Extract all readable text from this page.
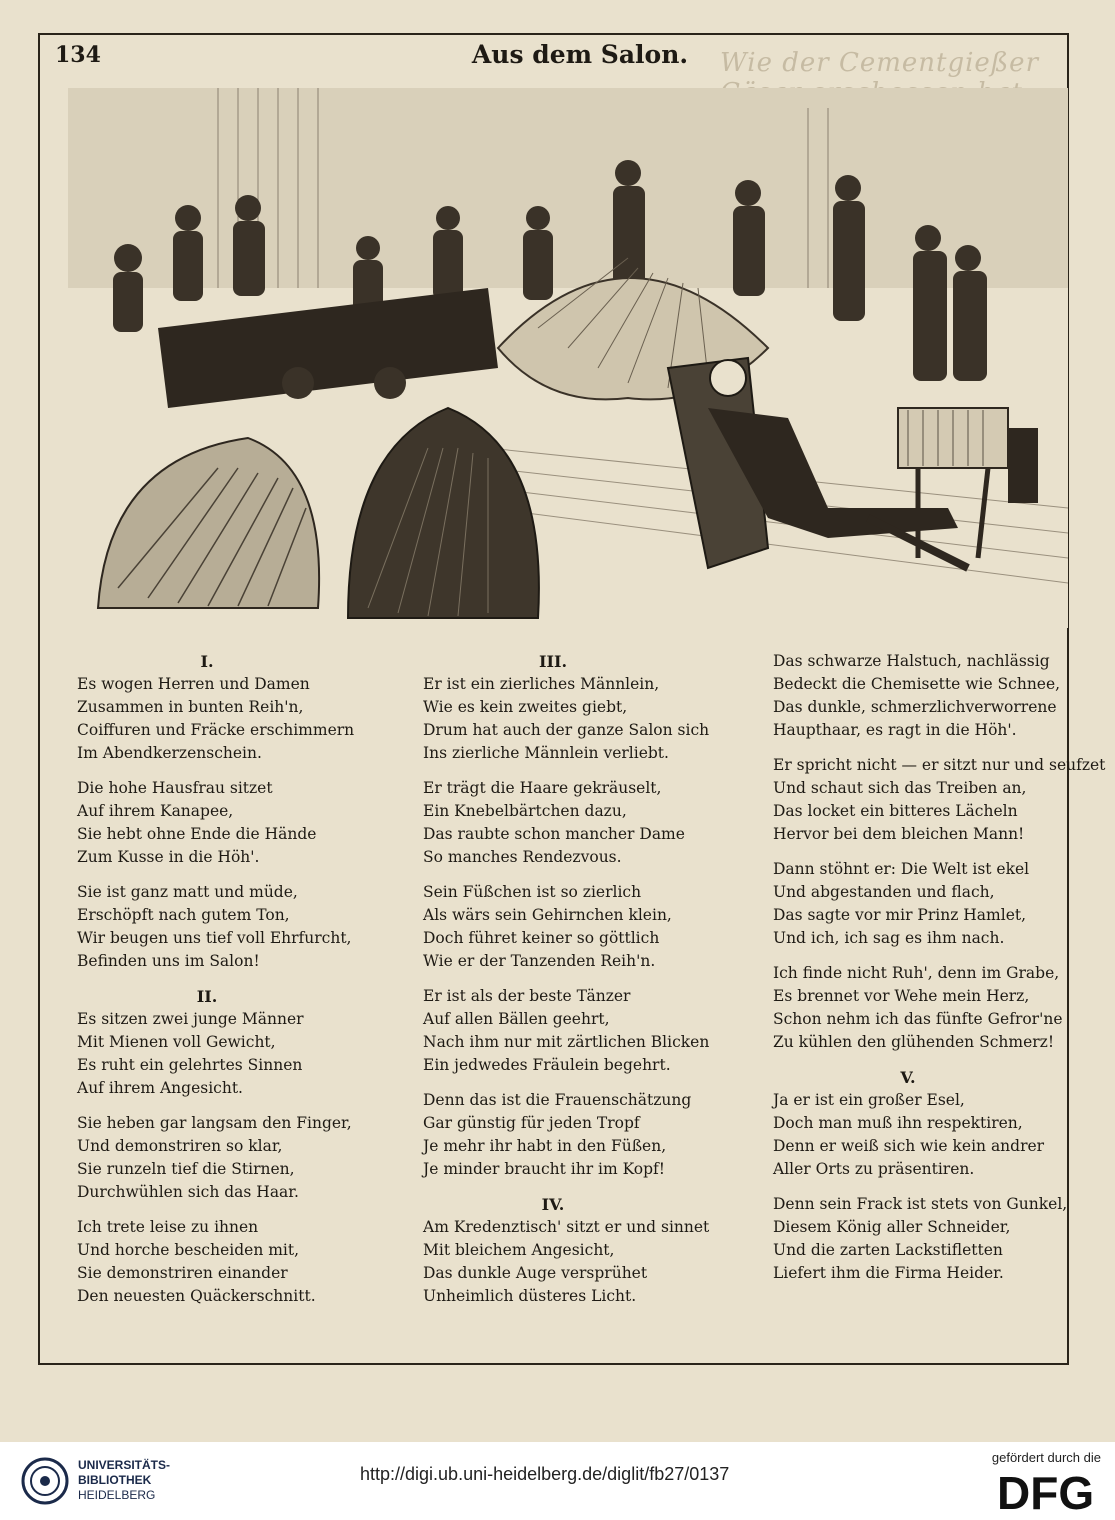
Wie der Cementgießer
134	Aus dem Salon.
I.
Es wogen Herren und Damen
Zusammen in bunten Reih'n,
Coiffuren und Fräcke erschimmern
Im Abendkerzenschein.
Die hohe Hausfrau sitzet
Auf ihrem Kanapee,
Sie hebt ohne Ende die Hände
Zum Kusse in die Höh'.
Sie ist ganz matt und müde,
Erschöpft nach gutem Ton,
Wir beugen uns tief voll Ehrfurcht,
Befinden uns im Salon!
II.
Es sitzen zwei junge Männer
Mit Mienen voll Gewicht,
Es ruht ein gelehrtes Sinnen
Auf ihrem Angesicht.
Sie heben gar langsam den Finger,
Und demonstriren so klar,
Sie runzeln tief die Stirnen,
Durchwühlen sich das Haar.
Ich trete leise zu ihnen
Und horche bescheiden mit,
Sie demonstriren einander
Den neuesten Quäckerschnitt.
III.
Er ist ein zierliches Männlein,
Wie es kein zweites giebt,
Drum hat auch der ganze Salon sich
Ins zierliche Männlein verliebt.
Er trägt die Haare gekräuselt,
Ein Knebelbärtchen dazu,
Das raubte schon mancher Dame
So manches Rendezvous.
Sein Füßchen ist so zierlich
Als wärs sein Gehirnchen klein,
Doch führet keiner so göttlich
Wie er der Tanzenden Reih'n.
Er ist als der beste Tänzer
Auf allen Bällen geehrt,
Nach ihm nur mit zärtlichen Blicken
Ein jedwedes Fräulein begehrt.
Denn das ist die Frauenschätzung
Gar günstig für jeden Tropf
Je mehr ihr habt in den Füßen,
Je minder braucht ihr im Kopf!
IV.
Am Kredenztisch' sitzt er und sinnet
Mit bleichem Angesicht,
Das dunkle Auge versprühet
Unheimlich düsteres Licht.
Das schwarze Halstuch, nachlässig
Bedeckt die Chemisette wie Schnee,
Das dunkle, schmerzlichverworrene
Haupthaar, es ragt in die Höh'.
Er spricht nicht — er sitzt nur und seufzet
Und schaut sich das Treiben an,
Das locket ein bitteres Lächeln
Hervor bei dem bleichen Mann!
Dann stöhnt er: Die Welt ist ekel
Und abgestanden und flach,
Das sagte vor mir Prinz Hamlet,
Und ich, ich sag es ihm nach.
Ich finde nicht Ruh', denn im Grabe,
Es brennet vor Wehe mein Herz,
Schon nehm ich das fünfte Gefror'ne
Zu kühlen den glühenden Schmerz!
V.
Ja er ist ein großer Esel,
Doch man muß ihn respektiren,
Denn er weiß sich wie kein andrer
Aller Orts zu präsentiren.
Denn sein Frack ist stets von Gunkel,
Diesem König aller Schneider,
Und die zarten Lackstifletten
Liefert ihm die Firma Heider.
UNIVERSITÄTS-
BIBLIOTHEK
HEIDELBERG
http://digi.ub.uni-heidelberg.de/diglit/fb27/0137
gefördert durch die
DFG
